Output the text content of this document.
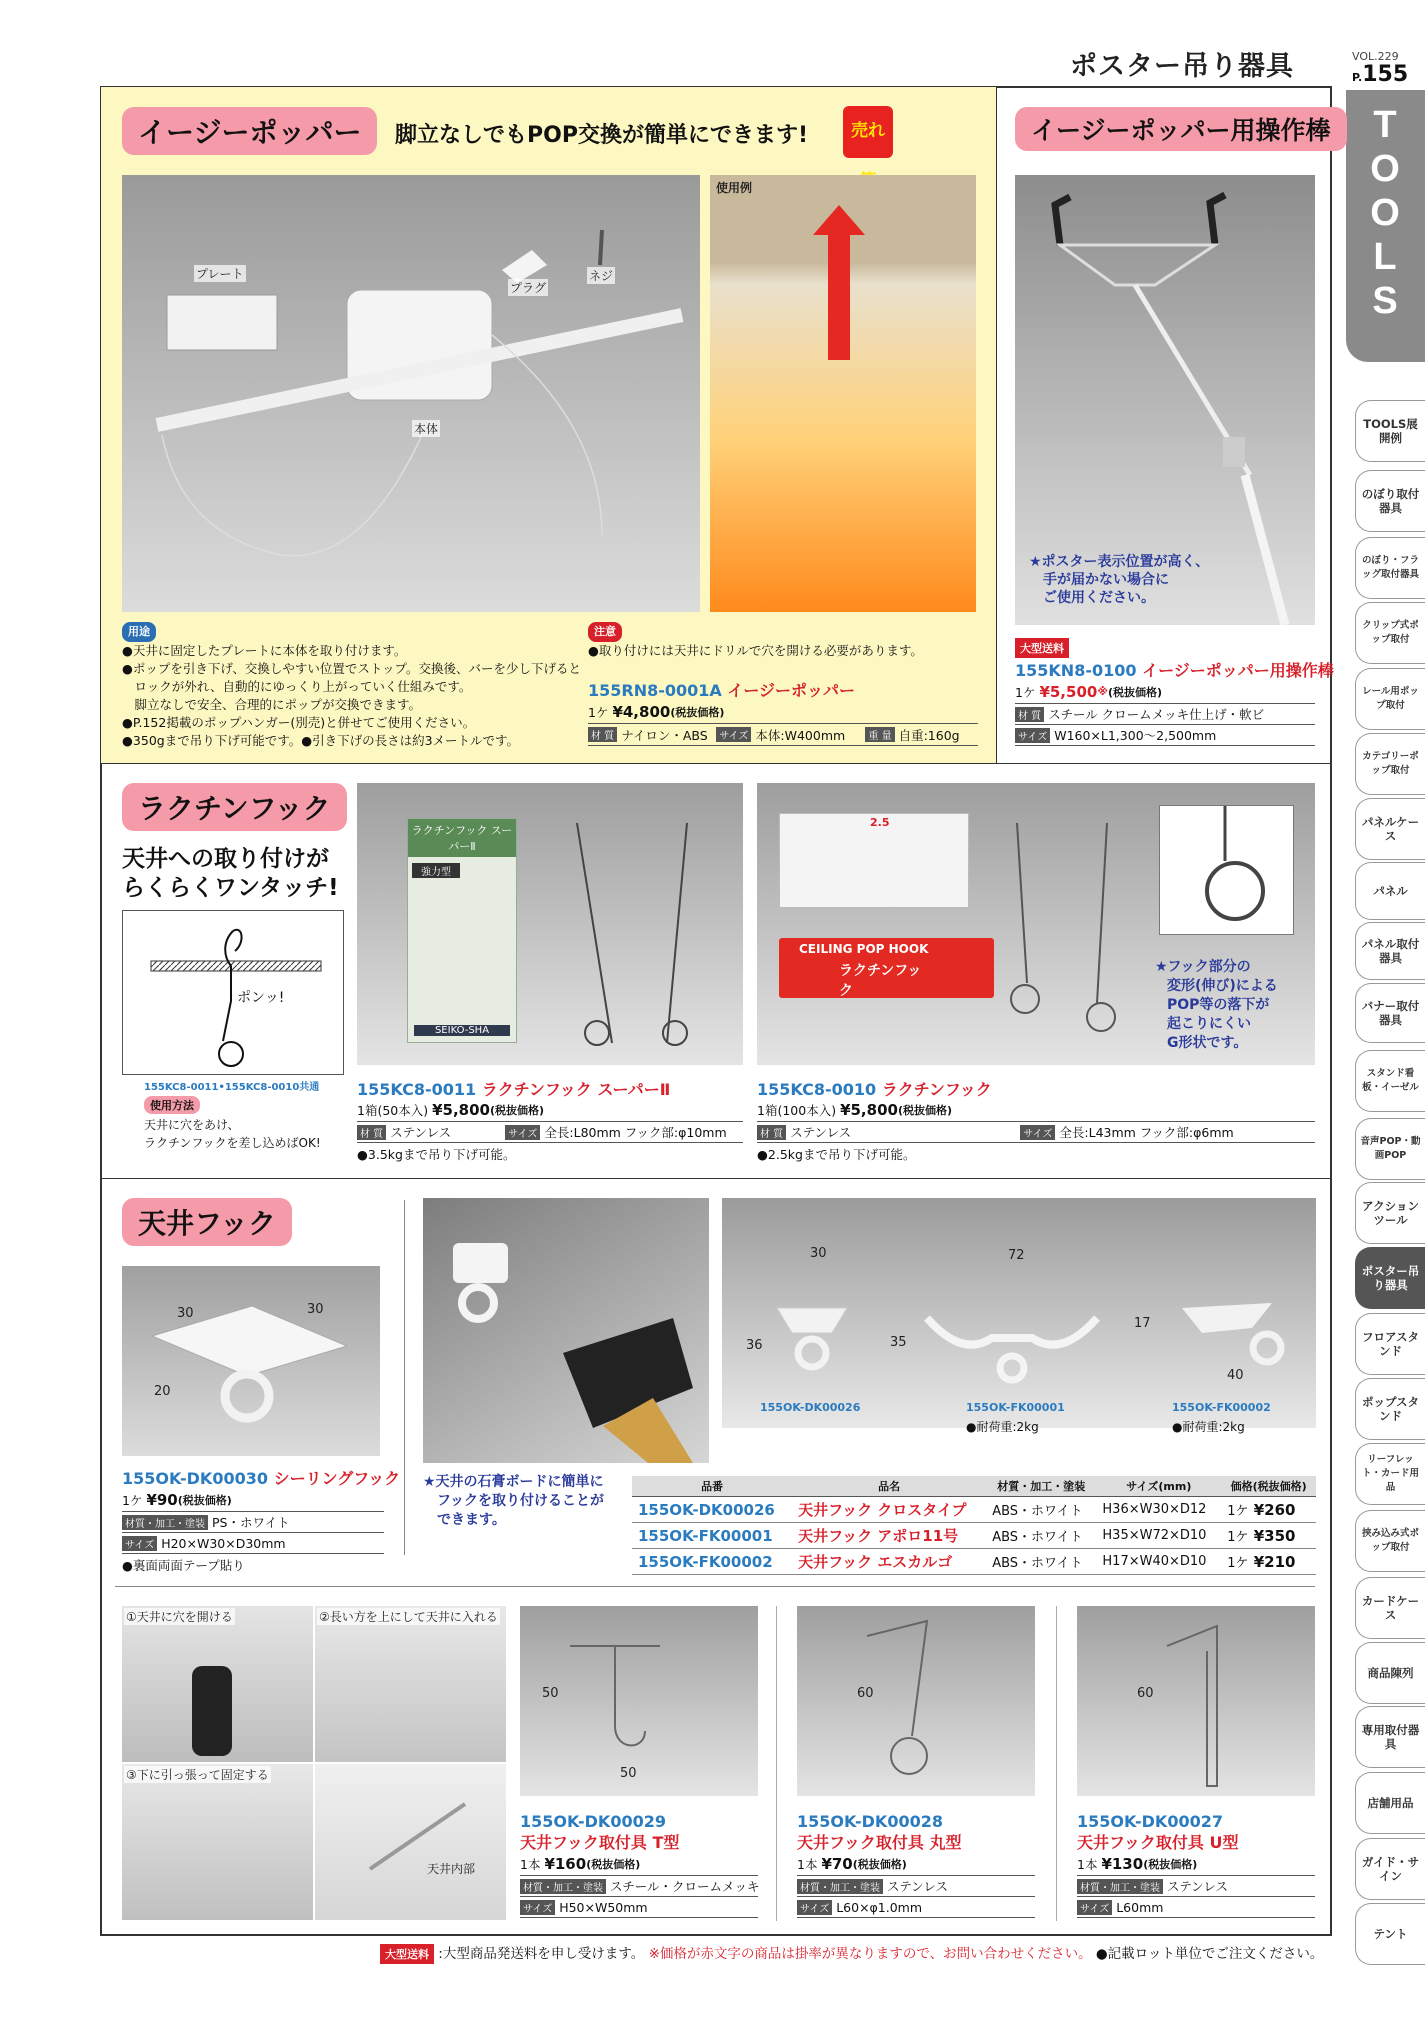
ポスター吊り器具	VOL.229
P.155
TOOLS
TOOLS展開例
のぼり取付器具
のぼり・フラッグ取付器具
クリップ式ポップ取付
レール用ポップ取付
カテゴリーポップ取付
パネルケース
パネル
パネル取付器具
バナー取付器具
スタンド看板・イーゼル
音声POP・動画POP
アクションツール
ポスター吊り器具
フロアスタンド
ポップスタンド
リーフレット・カード用品
挟み込み式ポップ取付
カードケース
商品陳列
専用取付器具
店舗用品
ガイド・サイン
テント
イージーポッパー	脚立なしでもPOP交換が簡単にできます!	売れ
プレート
プラグ
ネジ
本体
使用例
用途
●天井に固定したプレートに本体を取り付けます。
●ポップを引き下げ、交換しやすい位置でストップ。交換後、バーを少し下げると
　ロックが外れ、自動的にゆっくり上がっていく仕組みです。
　脚立なしで安全、合理的にポップが交換できます。
●P.152掲載のポップハンガー(別売)と併せてご使用ください。
●350gまで吊り下げ可能です。●引き下げの長さは約3メートルです。
注意
●取り付けには天井にドリルで穴を開ける必要があります。
155RN8-0001A イージーポッパー
1ケ
¥4,800 (税抜価格)
材 質 ナイロン・ABS	サイズ 本体:W400mm	重 量 自重:160g
イージーポッパー用操作棒
★ポスター表示位置が高く、
手が届かない場合に
ご使用ください。
大型送料
155KN8-0100 イージーポッパー用操作棒
1ケ
¥5,500 ※ (税抜価格)
材 質 スチール クロームメッキ仕上げ・軟ビ
サイズ W160×L1,300〜2,500mm
ラクチンフック
天井への取り付けが
らくらくワンタッチ!
ポンッ!
155KC8-0011•155KC8-0010共通
使用方法
天井に穴をあけ、
ラクチンフックを差し込めばOK!
ラクチンフック スーパーⅡ
強力型
SEIKO-SHA
2.5
CEILING POP HOOK
ラクチンフック
★フック部分の
変形(伸び)による
POP等の落下が
起こりにくい
G形状です。
155KC8-0011 ラクチンフック スーパーⅡ
1箱(50本入)
¥5,800 (税抜価格)
材 質 ステンレス	サイズ 全長:L80mm フック部:φ10mm
●3.5kgまで吊り下げ可能。
155KC8-0010 ラクチンフック
1箱(100本入)
¥5,800 (税抜価格)
材 質 ステンレス	サイズ 全長:L43mm フック部:φ6mm
●2.5kgまで吊り下げ可能。
天井フック
30	30
20
155OK-DK00030 シーリングフック
1ケ
¥90 (税抜価格)
材質・加工・塗装 PS・ホワイト
サイズ H20×W30×D30mm
●裏面両面テープ貼り
★天井の石膏ボードに簡単に
フックを取り付けることが
できます。
30
36
72
35
17
40
155OK-DK00026	155OK-FK00001	155OK-FK00002
●耐荷重:2kg	●耐荷重:2kg
品番	品名	材質・加工・塗装	サイズ(mm)	価格(税抜価格)
155OK-DK00026	天井フック クロスタイプ	ABS・ホワイト	H36×W30×D12	1ケ ¥260
155OK-FK00001	天井フック アポロ11号	ABS・ホワイト	H35×W72×D10	1ケ ¥350
155OK-FK00002	天井フック エスカルゴ	ABS・ホワイト	H17×W40×D10	1ケ ¥210
①天井に穴を開ける	②長い方を上にして天井に入れる
③下に引っ張って固定する
天井内部
50
50
155OK-DK00029
天井フック取付具 T型
1本
¥160 (税抜価格)
材質・加工・塗装 スチール・クロームメッキ
サイズ H50×W50mm
60
155OK-DK00028
天井フック取付具 丸型
1本
¥70 (税抜価格)
材質・加工・塗装 ステンレス
サイズ L60×φ1.0mm
60
155OK-DK00027
天井フック取付具 U型
1本
¥130 (税抜価格)
材質・加工・塗装 ステンレス
サイズ L60mm
大型送料 :大型商品発送料を申し受けます。 ※価格が赤文字の商品は掛率が異なりますので、お問い合わせください。 ●記載ロット単位でご注文ください。
